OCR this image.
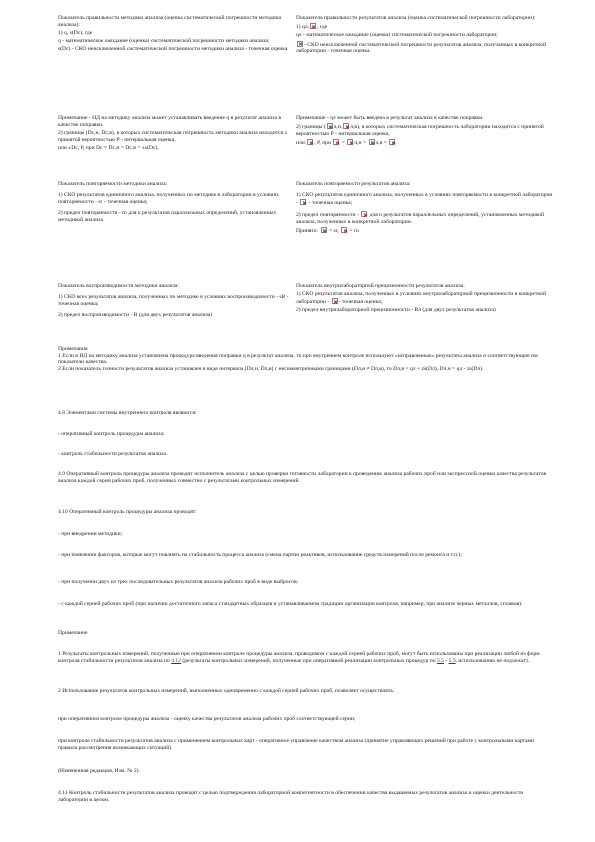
Показатель правильности методики анализа (оценка систематической погрешности методики анализа):

1) q, s(Dс), где

q - математическое ожидание (оценка) систематической погрешности методики анализа;

s(Dс) - СКО неисключенной систематической погрешности методики анализа - точечная оценка

Показатель правильности результатов анализа (оценка систематической погрешности лаборатории):

1) qл, , где

qл - математическое ожидание (оценка) систематической погрешности лаборатории;

- СКО неисключенной систематической погрешности результатов анализа, получаемых в конкретной лаборатории - точечная оценка.

Примечание - НД на методику анализа может устанавливать введение q в результат анализа в качестве поправки.

2) границы (Dс,н, Dс,в), в которых систематическая погрешность методики анализа находится с принятой вероятностью Р - интервальная оценка,

или ±Dс, Р, при Dс = Dс,н = Dс,в = ±s(Dс).

Примечание - qл может быть введена в результат анализа в качестве поправки.

2) границы ( л,н, л,в), в которых систематическая погрешность лаборатории находится с принятой вероятностью Р - интервальная оценка,

или , Р, при = л,н = л,в =

Показатель повторяемости методики анализа:

1) СКО результатов единичного анализа, полученных по методике в лаборатории в условиях повторяемости - sr - точечная оценка;

2) предел повторяемости - rn для n результатов параллельных определений, установленных методикой анализа

Показатель повторяемости результатов анализа:

1) СКО результатов единичного анализа, полученных в условиях повторяемости в конкретной лаборатории - - точечная оценка;

2) предел повторяемости - для n результатов параллельных определений, установленных методикой анализа, полученных в конкретной лаборатории.

Принято: = sr, = rn

Показатель воспроизводимости методики анализа:

1) СКО всех результатов анализа, полученных по методике в условиях воспроизводимости - sR - точечная оценка;

2) предел воспроизводимости - R (для двух результатов анализа)

Показатель внутрилабораторной прецизионности результатов анализа:

1) СКО результатов анализа, полученных в условиях внутрилабораторной прецизионности в конкретной лаборатории - - точечная оценка;

2) предел внутрилабораторной прецизионности - Rл (для двух результатов анализа)

Примечания

1 Если в НД на методику анализа установлена процедура введения поправки q в результат анализа, то при внутреннем контроле используют «исправленные» результаты анализа и соответствующие им показатели качества.

2 Если показатель точности результатов анализа установлен в виде интервала [Dл,н, Dл,в] с несимметричными границами (Dл,н ≠ Dл,в), то Dл,в = qл + zs(Dл), Dл,н = qл - zs(Dл).

4.8 Элементами системы внутреннего контроля являются:
- оперативный контроль процедуры анализа;
- контроль стабильности результатов анализа.
4.9 Оперативный контроль процедуры анализа проводит исполнитель анализа с целью проверки готовности лаборатории к проведению анализа рабочих проб или экспрессной оценки качества результатов анализа каждой серии рабочих проб, полученных совместно с результатами контрольных измерений.
4.10 Оперативный контроль процедуры анализа проводят:
- при внедрении методики;
- при появлении факторов, которые могут повлиять на стабильность процесса анализа (смена партии реактивов, использование средств измерений после ремонта и т.п.);
- при получении двух из трех последовательных результатов анализа рабочих проб в виде выбросов;
- с каждой серией рабочих проб (при наличии достаточного запаса стандартных образцов и устанавливаемом традиции организации контроля, например, при анализе черных металлов, сплавов).
Примечание
1 Результаты контрольных измерений, полученные при оперативном контроле процедуры анализа, проводимом с каждой серией рабочих проб, могут быть использованы при реализации любой из форм контроля стабильности результатов анализа по 4.12 (результаты контрольных измерений, полученные при оперативной реализации контрольных процедур по 5.5 - 5.9, использованию не подлежат).
2 Использование результатов контрольных измерений, выполненных одновременно с каждой серией рабочих проб, позволяет осуществлять:
при оперативном контроле процедуры анализа - оценку качества результатов анализа рабочих проб соответствующей серии;
при контроле стабильности результатов анализа с применением контрольных карт - оперативное управление качеством анализа (принятие управляющих решений при работе с контрольными картами правила рассмотрения возникающих ситуаций).
(Измененная редакция, Изм. № 2).
4.11 Контроль стабильности результатов анализа проводят с целью подтверждения лабораторной компетентности в обеспечении качества выдаваемых результатов анализа и оценки деятельности лаборатории в целом.
